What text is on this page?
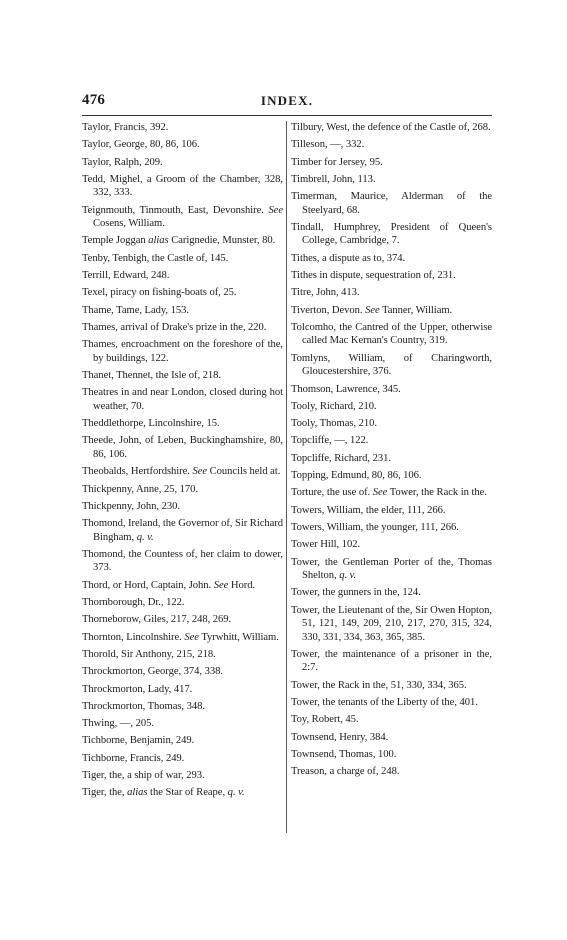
476	INDEX.

Taylor, Francis, 392.

Taylor, George, 80, 86, 106.

Taylor, Ralph, 209.

Tedd, Mighel, a Groom of the Chamber, 328, 332, 333.

Teignmouth, Tinmouth, East, Devonshire. See Cosens, William.

Temple Joggan alias Carignedie, Munster, 80.

Tenby, Tenbigh, the Castle of, 145.

Terrill, Edward, 248.

Texel, piracy on fishing-boats of, 25.

Thame, Tame, Lady, 153.

Thames, arrival of Drake's prize in the, 220.

Thames, encroachment on the foreshore of the, by buildings, 122.

Thanet, Thennet, the Isle of, 218.

Theatres in and near London, closed during hot weather, 70.

Theddlethorpe, Lincolnshire, 15.

Theede, John, of Leben, Buckinghamshire, 80, 86, 106.

Theobalds, Hertfordshire. See Councils held at.

Thickpenny, Anne, 25, 170.

Thickpenny, John, 230.

Thomond, Ireland, the Governor of, Sir Richard Bingham, q. v.

Thomond, the Countess of, her claim to dower, 373.

Thord, or Hord, Captain, John. See Hord.

Thornborough, Dr., 122.

Thorneborow, Giles, 217, 248, 269.

Thornton, Lincolnshire. See Tyrwhitt, William.

Thorold, Sir Anthony, 215, 218.

Throckmorton, George, 374, 338.

Throckmorton, Lady, 417.

Throckmorton, Thomas, 348.

Thwing, —, 205.

Tichborne, Benjamin, 249.

Tichborne, Francis, 249.

Tiger, the, a ship of war, 293.

Tiger, the, alias the Star of Reape, q. v.

Tilbury, West, the defence of the Castle of, 268.

Tilleson, —, 332.

Timber for Jersey, 95.

Timbrell, John, 113.

Timerman, Maurice, Alderman of the Steelyard, 68.

Tindall, Humphrey, President of Queen's College, Cambridge, 7.

Tithes, a dispute as to, 374.

Tithes in dispute, sequestration of, 231.

Titre, John, 413.

Tiverton, Devon. See Tanner, William.

Tolcomho, the Cantred of the Upper, otherwise called Mac Kernan's Country, 319.

Tomlyns, William, of Charingworth, Gloucestershire, 376.

Thomson, Lawrence, 345.

Tooly, Richard, 210.

Tooly, Thomas, 210.

Topcliffe, —, 122.

Topcliffe, Richard, 231.

Topping, Edmund, 80, 86, 106.

Torture, the use of. See Tower, the Rack in the.

Towers, William, the elder, 111, 266.

Towers, William, the younger, 111, 266.

Tower Hill, 102.

Tower, the Gentleman Porter of the, Thomas Shelton, q. v.

Tower, the gunners in the, 124.

Tower, the Lieutenant of the, Sir Owen Hopton, 51, 121, 149, 209, 210, 217, 270, 315, 324, 330, 331, 334, 363, 365, 385.

Tower, the maintenance of a prisoner in the, 2:7.

Tower, the Rack in the, 51, 330, 334, 365.

Tower, the tenants of the Liberty of the, 401.

Toy, Robert, 45.

Townsend, Henry, 384.

Townsend, Thomas, 100.

Treason, a charge of, 248.
